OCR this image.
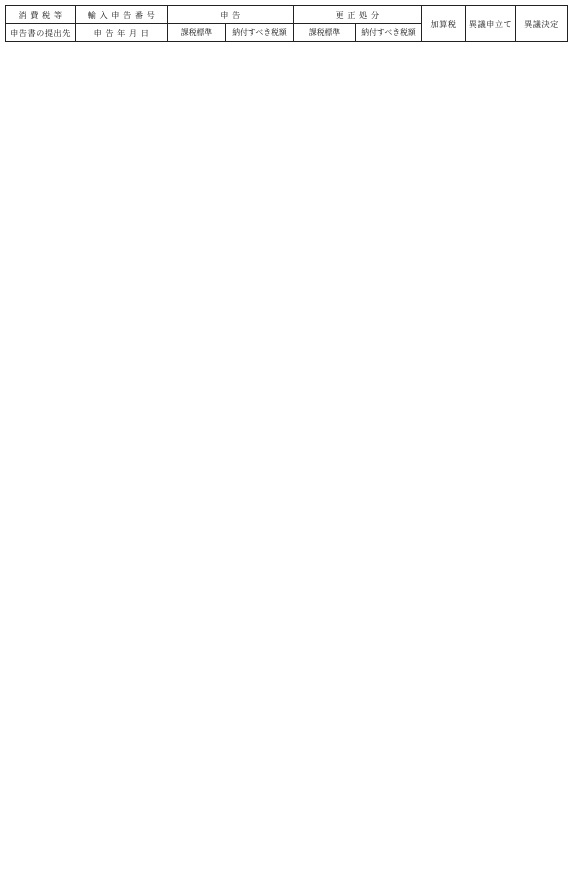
消 費 税 等	輸 入 申 告 番 号	申 告		更 正 処 分		加算税	異議申立て	異議決定
申告書の提出先	申 告 年 月 日	課税標準	納付すべき税額	課税標準	納付すべき税額			
